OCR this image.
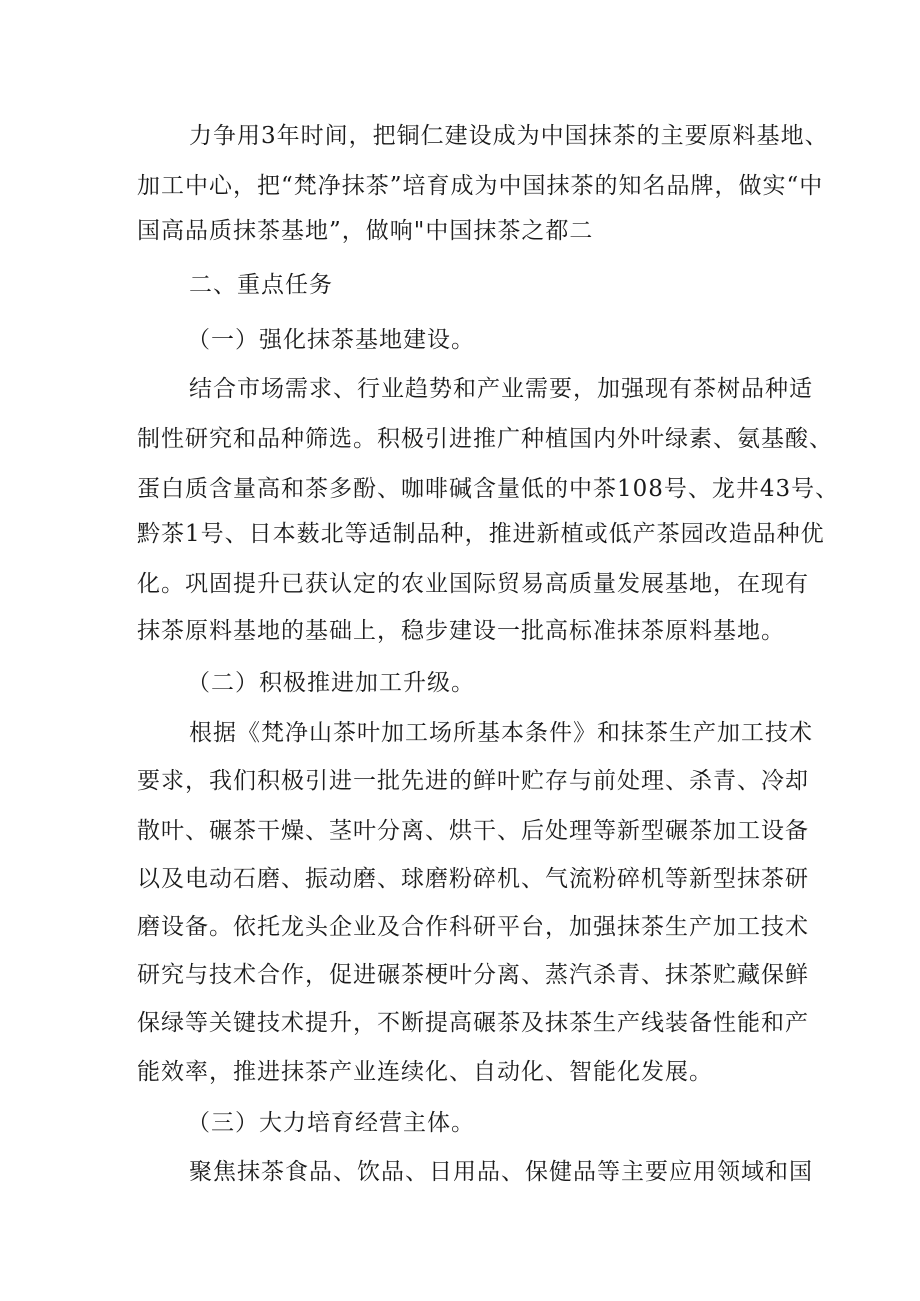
力争用3年时间，把铜仁建设成为中国抹茶的主要原料基地、

加工中心，把“梵净抹茶”培育成为中国抹茶的知名品牌，做实“中

国高品质抹茶基地”，做响"中国抹茶之都二

二、重点任务

（一）强化抹茶基地建设。

结合市场需求、行业趋势和产业需要，加强现有茶树品种适

制性研究和品种筛选。积极引进推广种植国内外叶绿素、氨基酸、

蛋白质含量高和茶多酚、咖啡碱含量低的中茶108号、龙井43号、

黔茶1号、日本薮北等适制品种，推进新植或低产茶园改造品种优

化。巩固提升已获认定的农业国际贸易高质量发展基地，在现有

抹茶原料基地的基础上，稳步建设一批高标准抹茶原料基地。

（二）积极推进加工升级。

根据《梵净山茶叶加工场所基本条件》和抹茶生产加工技术

要求，我们积极引进一批先进的鲜叶贮存与前处理、杀青、冷却

散叶、碾茶干燥、茎叶分离、烘干、后处理等新型碾茶加工设备

以及电动石磨、振动磨、球磨粉碎机、气流粉碎机等新型抹茶研

磨设备。依托龙头企业及合作科研平台，加强抹茶生产加工技术

研究与技术合作，促进碾茶梗叶分离、蒸汽杀青、抹茶贮藏保鲜

保绿等关键技术提升，不断提高碾茶及抹茶生产线装备性能和产

能效率，推进抹茶产业连续化、自动化、智能化发展。

（三）大力培育经营主体。

聚焦抹茶食品、饮品、日用品、保健品等主要应用领域和国
